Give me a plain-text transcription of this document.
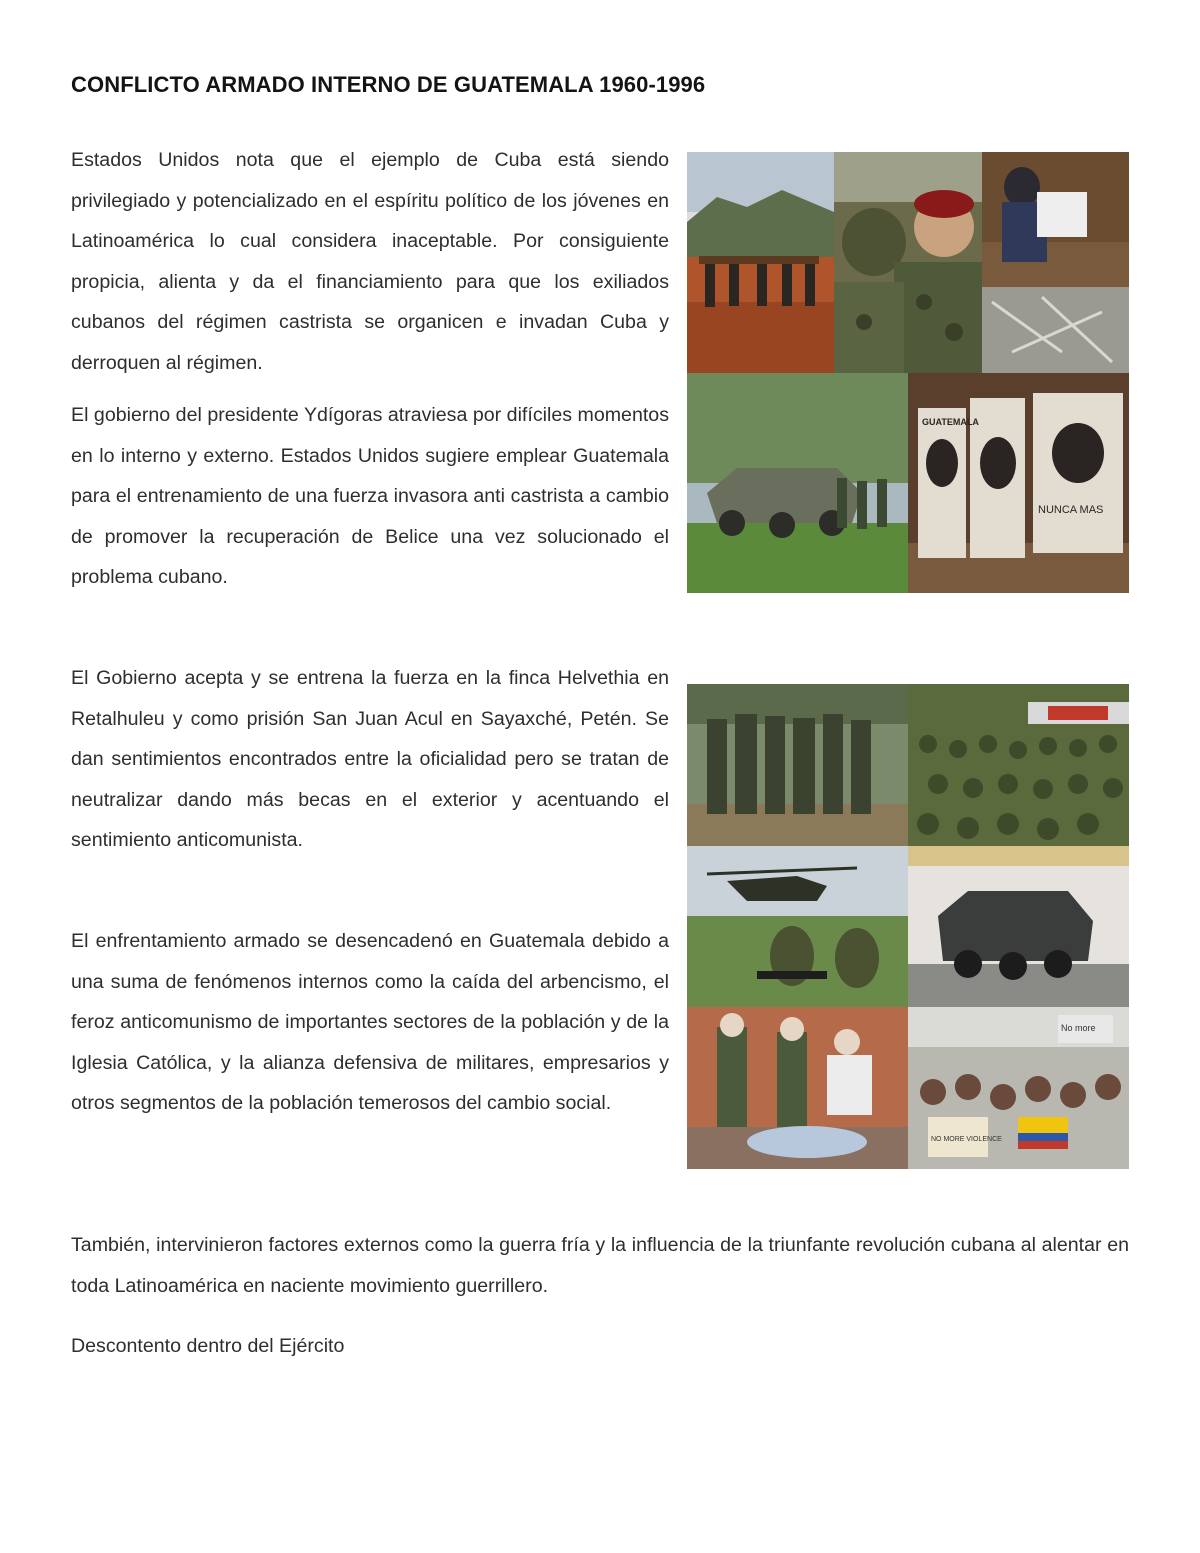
CONFLICTO ARMADO INTERNO DE GUATEMALA 1960-1996

Estados Unidos nota que el ejemplo de Cuba está siendo privilegiado y potencializado en el espíritu político de los jóvenes en Latinoamérica lo cual considera inaceptable. Por consiguiente propicia, alienta y da el financiamiento para que los exiliados cubanos del régimen castrista se organicen e invadan Cuba y derroquen al régimen.

El gobierno del presidente Ydígoras atraviesa por difíciles momentos en lo interno y externo. Estados Unidos sugiere emplear Guatemala para el entrenamiento de una fuerza invasora anti castrista a cambio de promover la recuperación de Belice una vez solucionado el problema cubano.

El Gobierno acepta y se entrena la fuerza en la finca Helvethia en Retalhuleu y como prisión San Juan Acul en Sayaxché, Petén. Se dan sentimientos encontrados entre la oficialidad pero se tratan de neutralizar dando más becas en el exterior y acentuando el sentimiento anticomunista.

El enfrentamiento armado se desencadenó en Guatemala debido a una suma de fenómenos internos como la caída del arbencismo, el feroz anticomunismo de importantes sectores de la población y de la Iglesia Católica, y la alianza defensiva de militares, empresarios y otros segmentos de la población temerosos del cambio social.

También, intervinieron factores externos como la guerra fría y la influencia de la triunfante revolución cubana al alentar en toda Latinoamérica en naciente movimiento guerrillero.

Descontento dentro del Ejército

GUATEMALA
NUNCA MAS
No more
NO MORE VIOLENCE
